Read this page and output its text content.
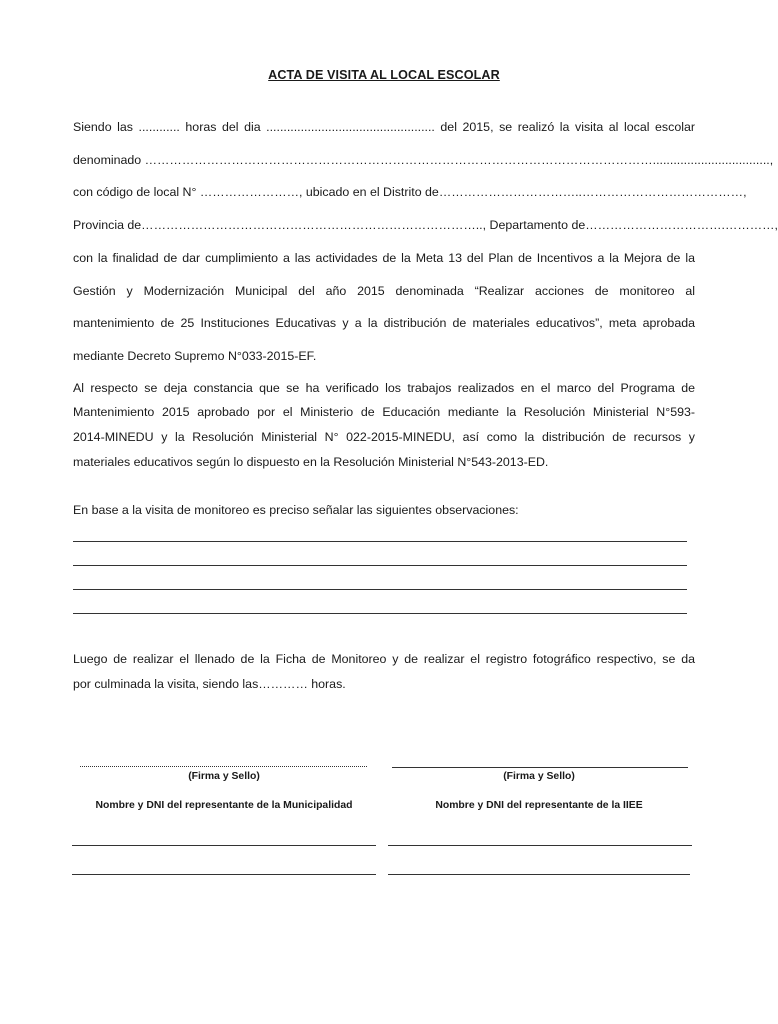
ACTA DE VISITA AL LOCAL ESCOLAR
Siendo las ............ horas del dia ................................................. del 2015, se realizó la visita al local escolar
denominado ……………………………………………………………………………………………………………..................................,
con código de local N° ……………………, ubicado en el Distrito de……………………………..…………………………………,
Provincia de……………………………………………………………………….., Departamento de…………………………….…………,
con la finalidad de dar cumplimiento a las actividades de la Meta 13 del Plan de Incentivos a la Mejora de la
Gestión y Modernización Municipal del año 2015 denominada “Realizar acciones de monitoreo al
mantenimiento de 25 Instituciones Educativas y a la distribución de materiales educativos”, meta aprobada
mediante Decreto Supremo N°033-2015-EF.
Al respecto se deja constancia que se ha verificado los trabajos realizados en el marco del Programa de
Mantenimiento 2015 aprobado por el Ministerio de Educación mediante la Resolución Ministerial N°593-
2014-MINEDU y la Resolución Ministerial N° 022-2015-MINEDU, así como la distribución de recursos y
materiales educativos según lo dispuesto en la Resolución Ministerial N°543-2013-ED.
En base a la visita de monitoreo es preciso señalar las siguientes observaciones:
Luego de realizar el llenado de la Ficha de Monitoreo y de realizar el registro fotográfico respectivo, se da
por culminada la visita, siendo las………… horas.
(Firma y Sello)	(Firma y Sello)
Nombre y DNI del representante de la Municipalidad	Nombre y DNI del representante de la IIEE
